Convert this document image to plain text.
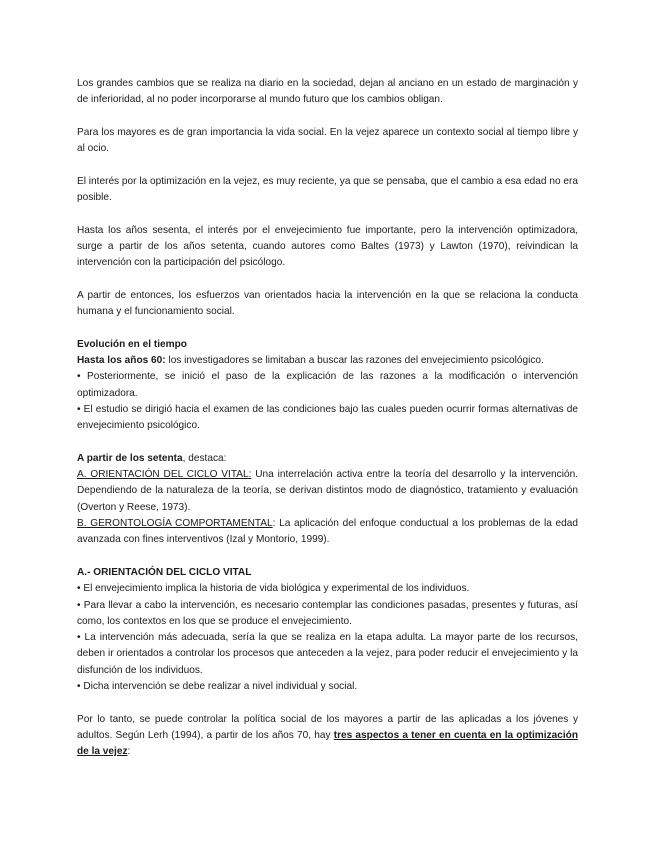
Los grandes cambios que se realiza na diario en la sociedad, dejan al anciano en un estado de marginación y de inferioridad, al no poder incorporarse al mundo futuro que los cambios obligan.

Para los mayores es de gran importancia la vida social. En la vejez aparece un contexto social al tiempo libre y al ocio.

El interés por la optimización en la vejez, es muy reciente, ya que se pensaba, que el cambio a esa edad no era posible.

Hasta los años sesenta, el interés por el envejecimiento fue importante, pero la intervención optimizadora, surge a partir de los años setenta, cuando autores como Baltes (1973) y Lawton (1970), reivindican la intervención con la participación del psicólogo.

A partir de entonces, los esfuerzos van orientados hacia la intervención en la que se relaciona la conducta humana y el funcionamiento social.

Evolución en el tiempo

Hasta los años 60: los investigadores se limitaban a buscar las razones del envejecimiento psicológico.

• Posteriormente, se inició el paso de la explicación de las razones a la modificación o intervención optimizadora.

• El estudio se dirigió hacia el examen de las condiciones bajo las cuales pueden ocurrir formas alternativas de envejecimiento psicológico.

A partir de los setenta, destaca:

A. ORIENTACIÓN DEL CICLO VITAL: Una interrelación activa entre la teoría del desarrollo y la intervención. Dependiendo de la naturaleza de la teoría, se derivan distintos modo de diagnóstico, tratamiento y evaluación (Overton y Reese, 1973).

B. GERONTOLOGÍA COMPORTAMENTAL: La aplicación del enfoque conductual a los problemas de la edad avanzada con fines interventivos (Izal y Montorio, 1999).

A.- ORIENTACIÓN DEL CICLO VITAL

• El envejecimiento implica la historia de vida biológica y experimental de los individuos.

• Para llevar a cabo la intervención, es necesario contemplar las condiciones pasadas, presentes y futuras, así como, los contextos en los que se produce el envejecimiento.

• La intervención más adecuada, sería la que se realiza en la etapa adulta. La mayor parte de los recursos, deben ir orientados a controlar los procesos que anteceden a la vejez, para poder reducir el envejecimiento y la disfunción de los individuos.

• Dicha intervención se debe realizar a nivel individual y social.

Por lo tanto, se puede controlar la política social de los mayores a partir de las aplicadas a los jóvenes y adultos. Según Lerh (1994), a partir de los años 70, hay tres aspectos a tener en cuenta en la optimización de la vejez:
